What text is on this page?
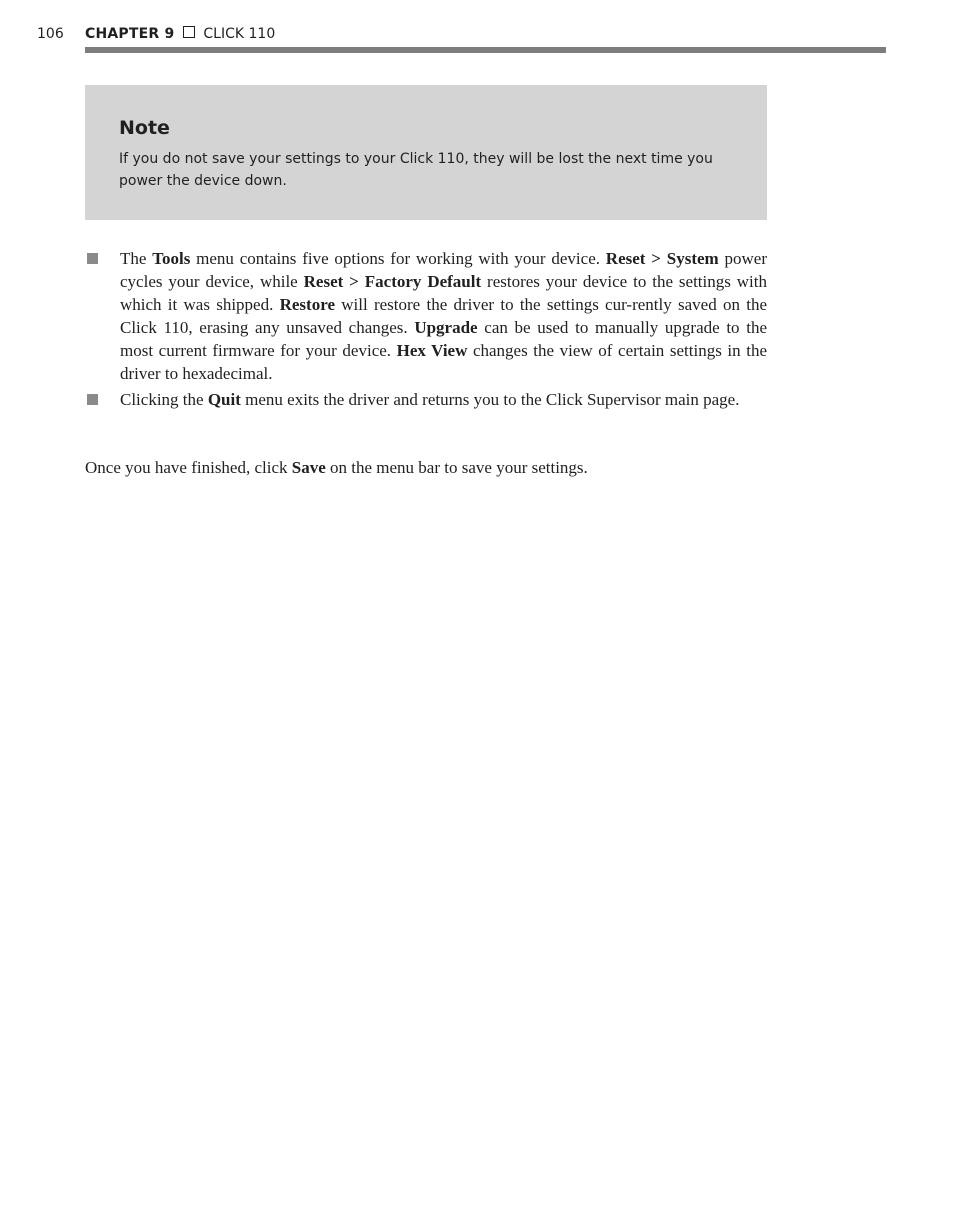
106 CHAPTER 9 CLICK 110
Note

If you do not save your settings to your Click 110, they will be lost the next time you power the device down.

The Tools menu contains five options for working with your device. Reset > System power cycles your device, while Reset > Factory Default restores your device to the settings with which it was shipped. Restore will restore the driver to the settings cur-rently saved on the Click 110, erasing any unsaved changes. Upgrade can be used to manually upgrade to the most current firmware for your device. Hex View changes the view of certain settings in the driver to hexadecimal.
Clicking the Quit menu exits the driver and returns you to the Click Supervisor main page.

Once you have finished, click Save on the menu bar to save your settings.
